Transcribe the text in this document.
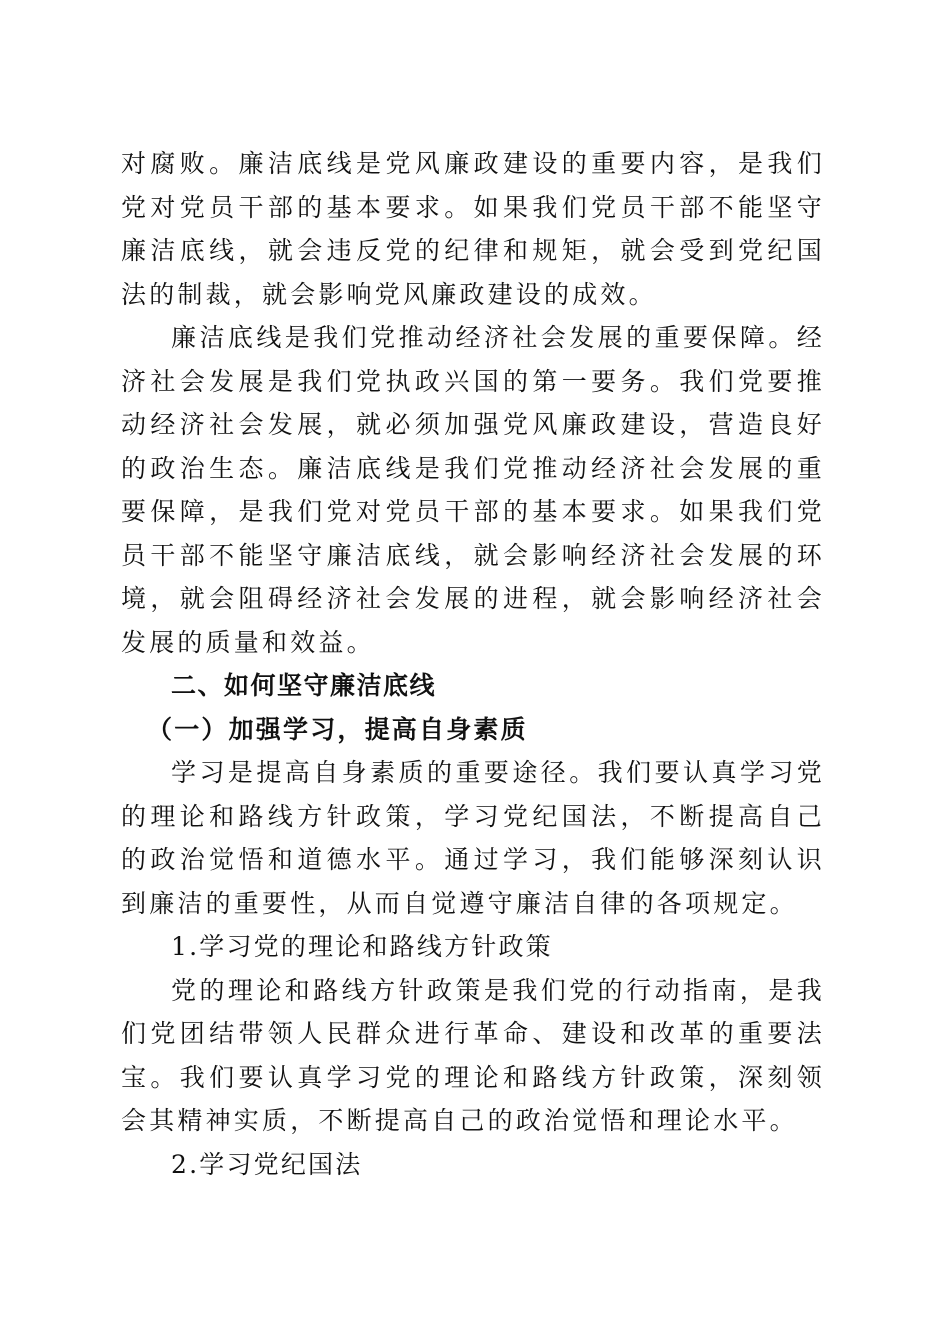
对腐败。廉洁底线是党风廉政建设的重要内容，是我们党对党员干部的基本要求。如果我们党员干部不能坚守廉洁底线，就会违反党的纪律和规矩，就会受到党纪国法的制裁，就会影响党风廉政建设的成效。

廉洁底线是我们党推动经济社会发展的重要保障。经济社会发展是我们党执政兴国的第一要务。我们党要推动经济社会发展，就必须加强党风廉政建设，营造良好的政治生态。廉洁底线是我们党推动经济社会发展的重要保障，是我们党对党员干部的基本要求。如果我们党员干部不能坚守廉洁底线，就会影响经济社会发展的环境，就会阻碍经济社会发展的进程，就会影响经济社会发展的质量和效益。

二、如何坚守廉洁底线

（一）加强学习，提高自身素质

学习是提高自身素质的重要途径。我们要认真学习党的理论和路线方针政策，学习党纪国法，不断提高自己的政治觉悟和道德水平。通过学习，我们能够深刻认识到廉洁的重要性，从而自觉遵守廉洁自律的各项规定。

1.学习党的理论和路线方针政策

党的理论和路线方针政策是我们党的行动指南，是我们党团结带领人民群众进行革命、建设和改革的重要法宝。我们要认真学习党的理论和路线方针政策，深刻领会其精神实质，不断提高自己的政治觉悟和理论水平。

2.学习党纪国法
